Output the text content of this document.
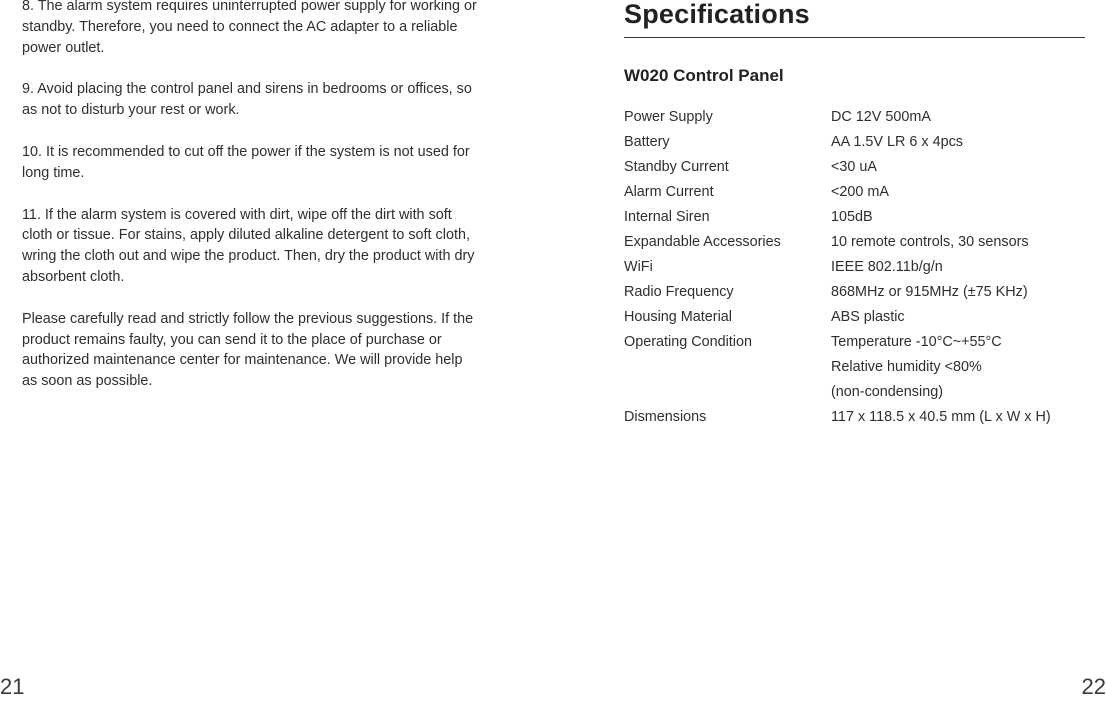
8. The alarm system requires uninterrupted power supply for working or standby. Therefore, you need to connect the AC adapter to a reliable power outlet.

9. Avoid placing the control panel and sirens in bedrooms or offices, so as not to disturb your rest or work.

10. It is recommended to cut off the power if the system is not used for long time.

11. If the alarm system is covered with dirt, wipe off the dirt with soft cloth or tissue. For stains, apply diluted alkaline detergent to soft cloth, wring the cloth out and wipe the product. Then, dry the product with dry absorbent cloth.

Please carefully read and strictly follow the previous suggestions. If the product remains faulty, you can send it to the place of purchase or authorized maintenance center for maintenance. We will provide help as soon as possible.

21
Specifications
W020 Control Panel
Power Supply	DC 12V 500mA
Battery	AA 1.5V LR 6 x 4pcs
Standby Current	<30 uA
Alarm Current	<200 mA
Internal Siren	105dB
Expandable Accessories	10 remote controls, 30 sensors
WiFi	IEEE 802.11b/g/n
Radio Frequency	868MHz or 915MHz (±75 KHz)
Housing Material	ABS plastic
Operating Condition	Temperature -10°C~+55°C
Relative humidity <80%
(non-condensing)
Dismensions	117 x 118.5 x 40.5 mm (L x W x H)
22
